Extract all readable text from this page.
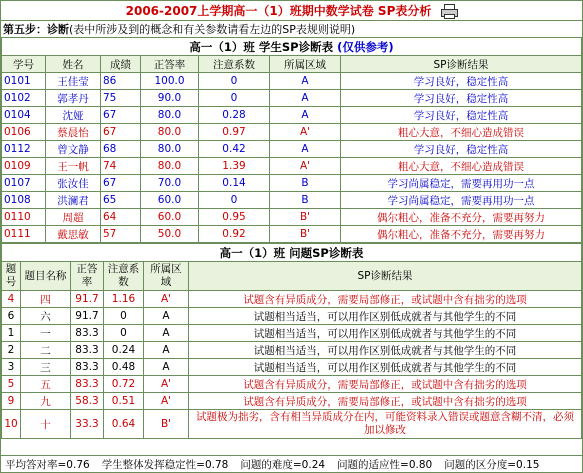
2006-2007上学期高一（1）班期中数学试卷 SP表分析
第五步：诊断 (表中所涉及到的概念和有关参数请看左边的SP表规则说明)
高一（1）班 学生SP诊断表 (仅供参考)						
学号	姓名	成绩	正答率	注意系数	所属区域	SP诊断结果
0101	王佳莹	86	100.0	0	A	学习良好，稳定性高
0102	郭孝丹	75	90.0	0	A	学习良好，稳定性高
0104	沈娅	67	80.0	0.28	A	学习良好，稳定性高
0106	蔡晨怡	67	80.0	0.97	A'	粗心大意，不细心造成错误
0112	曾文静	68	80.0	0.42	A	学习良好，稳定性高
0109	王一帆	74	80.0	1.39	A'	粗心大意，不细心造成错误
0107	张汝佳	67	70.0	0.14	B	学习尚属稳定，需要再用功一点
0108	洪澜君	65	60.0	0	B	学习尚属稳定，需要再用功一点
0110	周超	64	60.0	0.95	B'	偶尔粗心，准备不充分，需要再努力
0111	戴思敏	57	50.0	0.92	B'	偶尔粗心，准备不充分，需要再努力
高一（1）班 问题SP诊断表					
题号	题目名称	正答率	注意系数	所属区域	SP诊断结果
4	四	91.7	1.16	A'	试题含有异质成分，需要局部修正，或试题中含有拙劣的选项
6	六	91.7	0	A	试题相当适当，可以用作区别低成就者与其他学生的不同
1	一	83.3	0	A	试题相当适当，可以用作区别低成就者与其他学生的不同
2	二	83.3	0.24	A	试题相当适当，可以用作区别低成就者与其他学生的不同
3	三	83.3	0.48	A	试题相当适当，可以用作区别低成就者与其他学生的不同
5	五	83.3	0.72	A'	试题含有异质成分，需要局部修正，或试题中含有拙劣的选项
9	九	58.3	0.51	A'	试题含有异质成分，需要局部修正，或试题中含有拙劣的选项
10	十	33.3	0.64	B'	试题极为拙劣，含有相当异质成分在内，可能资料录入错误或题意含糊不清，必须加以修改
平均答对率=0.76 学生整体发挥稳定性=0.78 问题的难度=0.24 问题的适应性=0.80 问题的区分度=0.15
